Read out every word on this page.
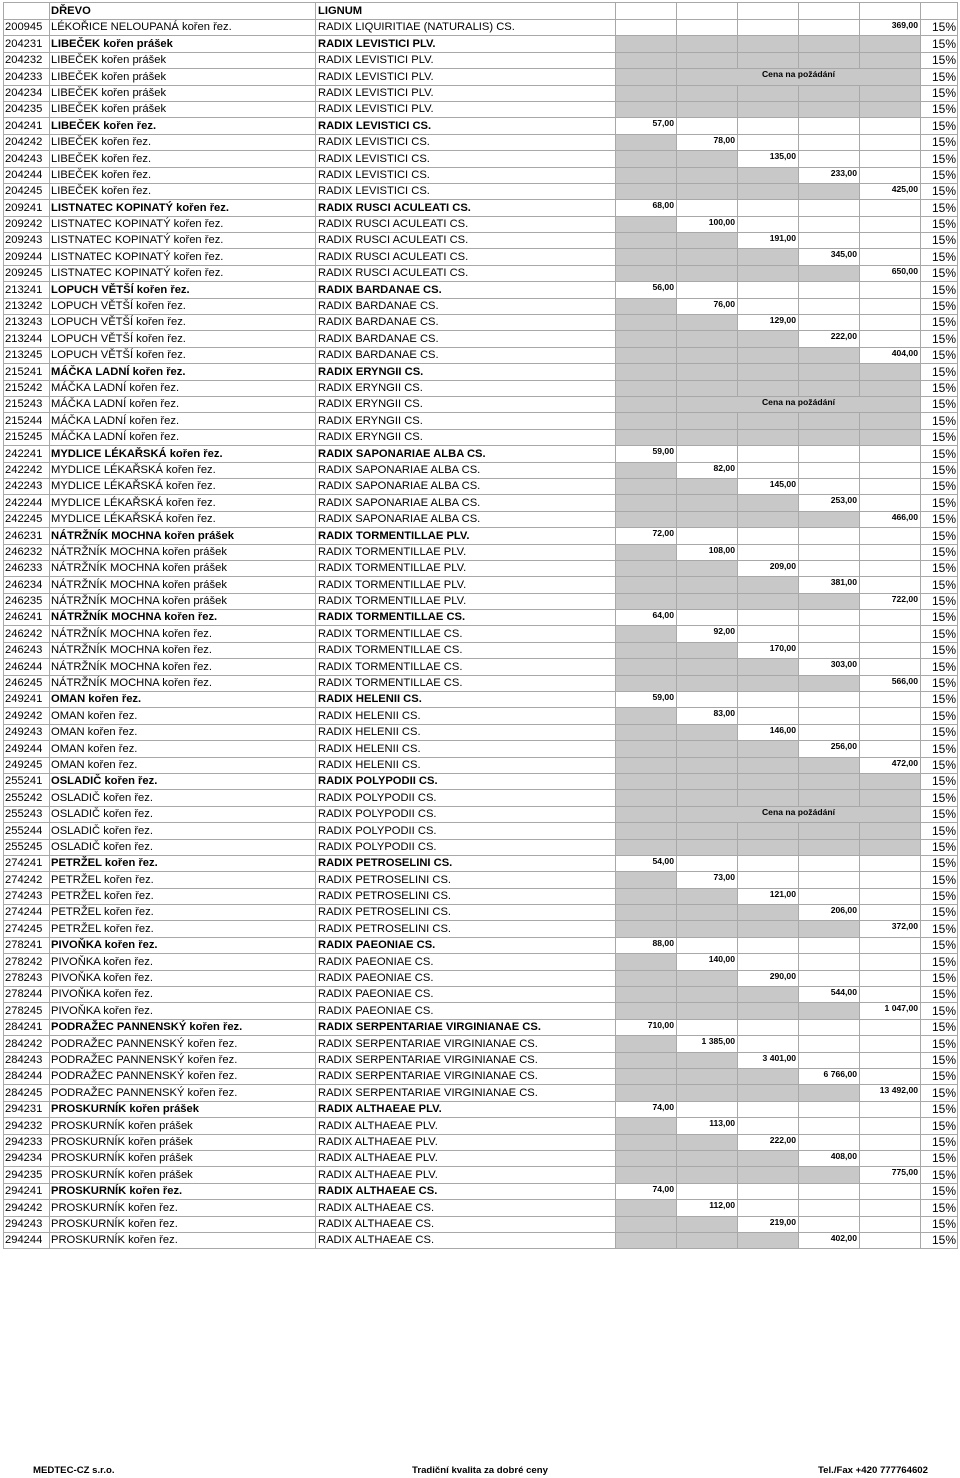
	DŘEVO	LIGNUM						
200945	LÉKOŘICE NELOUPANÁ kořen řez.	RADIX LIQUIRITIAE (NATURALIS) CS.					369,00	15%
204231	LIBEČEK kořen prášek	RADIX LEVISTICI PLV.						15%
204232	LIBEČEK kořen prášek	RADIX LEVISTICI PLV.						15%
204233	LIBEČEK kořen prášek	RADIX LEVISTICI PLV.		Cena na požádání				15%
204234	LIBEČEK kořen prášek	RADIX LEVISTICI PLV.						15%
204235	LIBEČEK kořen prášek	RADIX LEVISTICI PLV.						15%
204241	LIBEČEK kořen řez.	RADIX LEVISTICI CS.	57,00					15%
204242	LIBEČEK kořen řez.	RADIX LEVISTICI CS.		78,00				15%
204243	LIBEČEK kořen řez.	RADIX LEVISTICI CS.			135,00			15%
204244	LIBEČEK kořen řez.	RADIX LEVISTICI CS.				233,00		15%
204245	LIBEČEK kořen řez.	RADIX LEVISTICI CS.					425,00	15%
209241	LISTNATEC KOPINATÝ kořen řez.	RADIX RUSCI ACULEATI CS.	68,00					15%
209242	LISTNATEC KOPINATÝ kořen řez.	RADIX RUSCI ACULEATI CS.		100,00				15%
209243	LISTNATEC KOPINATÝ kořen řez.	RADIX RUSCI ACULEATI CS.			191,00			15%
209244	LISTNATEC KOPINATÝ kořen řez.	RADIX RUSCI ACULEATI CS.				345,00		15%
209245	LISTNATEC KOPINATÝ kořen řez.	RADIX RUSCI ACULEATI CS.					650,00	15%
213241	LOPUCH VĚTŠÍ kořen řez.	RADIX BARDANAE CS.	56,00					15%
213242	LOPUCH VĚTŠÍ kořen řez.	RADIX BARDANAE CS.		76,00				15%
213243	LOPUCH VĚTŠÍ kořen řez.	RADIX BARDANAE CS.			129,00			15%
213244	LOPUCH VĚTŠÍ kořen řez.	RADIX BARDANAE CS.				222,00		15%
213245	LOPUCH VĚTŠÍ kořen řez.	RADIX BARDANAE CS.					404,00	15%
215241	MÁČKA LADNÍ kořen řez.	RADIX ERYNGII CS.						15%
215242	MÁČKA LADNÍ kořen řez.	RADIX ERYNGII CS.						15%
215243	MÁČKA LADNÍ kořen řez.	RADIX ERYNGII CS.		Cena na požádání				15%
215244	MÁČKA LADNÍ kořen řez.	RADIX ERYNGII CS.						15%
215245	MÁČKA LADNÍ kořen řez.	RADIX ERYNGII CS.						15%
242241	MYDLICE LÉKAŘSKÁ kořen řez.	RADIX SAPONARIAE ALBA CS.	59,00					15%
242242	MYDLICE LÉKAŘSKÁ kořen řez.	RADIX SAPONARIAE ALBA CS.		82,00				15%
242243	MYDLICE LÉKAŘSKÁ kořen řez.	RADIX SAPONARIAE ALBA CS.			145,00			15%
242244	MYDLICE LÉKAŘSKÁ kořen řez.	RADIX SAPONARIAE ALBA CS.				253,00		15%
242245	MYDLICE LÉKAŘSKÁ kořen řez.	RADIX SAPONARIAE ALBA CS.					466,00	15%
246231	NÁTRŽNÍK MOCHNA kořen prášek	RADIX TORMENTILLAE PLV.	72,00					15%
246232	NÁTRŽNÍK MOCHNA kořen prášek	RADIX TORMENTILLAE PLV.		108,00				15%
246233	NÁTRŽNÍK MOCHNA kořen prášek	RADIX TORMENTILLAE PLV.			209,00			15%
246234	NÁTRŽNÍK MOCHNA kořen prášek	RADIX TORMENTILLAE PLV.				381,00		15%
246235	NÁTRŽNÍK MOCHNA kořen prášek	RADIX TORMENTILLAE PLV.					722,00	15%
246241	NÁTRŽNÍK MOCHNA kořen řez.	RADIX TORMENTILLAE CS.	64,00					15%
246242	NÁTRŽNÍK MOCHNA kořen řez.	RADIX TORMENTILLAE CS.		92,00				15%
246243	NÁTRŽNÍK MOCHNA kořen řez.	RADIX TORMENTILLAE CS.			170,00			15%
246244	NÁTRŽNÍK MOCHNA kořen řez.	RADIX TORMENTILLAE CS.				303,00		15%
246245	NÁTRŽNÍK MOCHNA kořen řez.	RADIX TORMENTILLAE CS.					566,00	15%
249241	OMAN kořen řez.	RADIX HELENII CS.	59,00					15%
249242	OMAN kořen řez.	RADIX HELENII CS.		83,00				15%
249243	OMAN kořen řez.	RADIX HELENII CS.			146,00			15%
249244	OMAN kořen řez.	RADIX HELENII CS.				256,00		15%
249245	OMAN kořen řez.	RADIX HELENII CS.					472,00	15%
255241	OSLADIČ kořen řez.	RADIX POLYPODII CS.						15%
255242	OSLADIČ kořen řez.	RADIX POLYPODII CS.						15%
255243	OSLADIČ kořen řez.	RADIX POLYPODII CS.		Cena na požádání				15%
255244	OSLADIČ kořen řez.	RADIX POLYPODII CS.						15%
255245	OSLADIČ kořen řez.	RADIX POLYPODII CS.						15%
274241	PETRŽEL kořen řez.	RADIX PETROSELINI CS.	54,00					15%
274242	PETRŽEL kořen řez.	RADIX PETROSELINI CS.		73,00				15%
274243	PETRŽEL kořen řez.	RADIX PETROSELINI CS.			121,00			15%
274244	PETRŽEL kořen řez.	RADIX PETROSELINI CS.				206,00		15%
274245	PETRŽEL kořen řez.	RADIX PETROSELINI CS.					372,00	15%
278241	PIVOŇKA kořen řez.	RADIX PAEONIAE CS.	88,00					15%
278242	PIVOŇKA kořen řez.	RADIX PAEONIAE CS.		140,00				15%
278243	PIVOŇKA kořen řez.	RADIX PAEONIAE CS.			290,00			15%
278244	PIVOŇKA kořen řez.	RADIX PAEONIAE CS.				544,00		15%
278245	PIVOŇKA kořen řez.	RADIX PAEONIAE CS.					1 047,00	15%
284241	PODRAŽEC PANNENSKÝ kořen řez.	RADIX SERPENTARIAE VIRGINIANAE CS.	710,00					15%
284242	PODRAŽEC PANNENSKÝ kořen řez.	RADIX SERPENTARIAE VIRGINIANAE CS.		1 385,00				15%
284243	PODRAŽEC PANNENSKÝ kořen řez.	RADIX SERPENTARIAE VIRGINIANAE CS.			3 401,00			15%
284244	PODRAŽEC PANNENSKÝ kořen řez.	RADIX SERPENTARIAE VIRGINIANAE CS.				6 766,00		15%
284245	PODRAŽEC PANNENSKÝ kořen řez.	RADIX SERPENTARIAE VIRGINIANAE CS.					13 492,00	15%
294231	PROSKURNÍK kořen prášek	RADIX ALTHAEAE PLV.	74,00					15%
294232	PROSKURNÍK kořen prášek	RADIX ALTHAEAE PLV.		113,00				15%
294233	PROSKURNÍK kořen prášek	RADIX ALTHAEAE PLV.			222,00			15%
294234	PROSKURNÍK kořen prášek	RADIX ALTHAEAE PLV.				408,00		15%
294235	PROSKURNÍK kořen prášek	RADIX ALTHAEAE PLV.					775,00	15%
294241	PROSKURNÍK kořen řez.	RADIX ALTHAEAE CS.	74,00					15%
294242	PROSKURNÍK kořen řez.	RADIX ALTHAEAE CS.		112,00				15%
294243	PROSKURNÍK kořen řez.	RADIX ALTHAEAE CS.			219,00			15%
294244	PROSKURNÍK kořen řez.	RADIX ALTHAEAE CS.				402,00		15%
MEDTEC-CZ s.r.o.	Tradiční kvalita za dobré ceny	Tel./Fax +420 777764602
